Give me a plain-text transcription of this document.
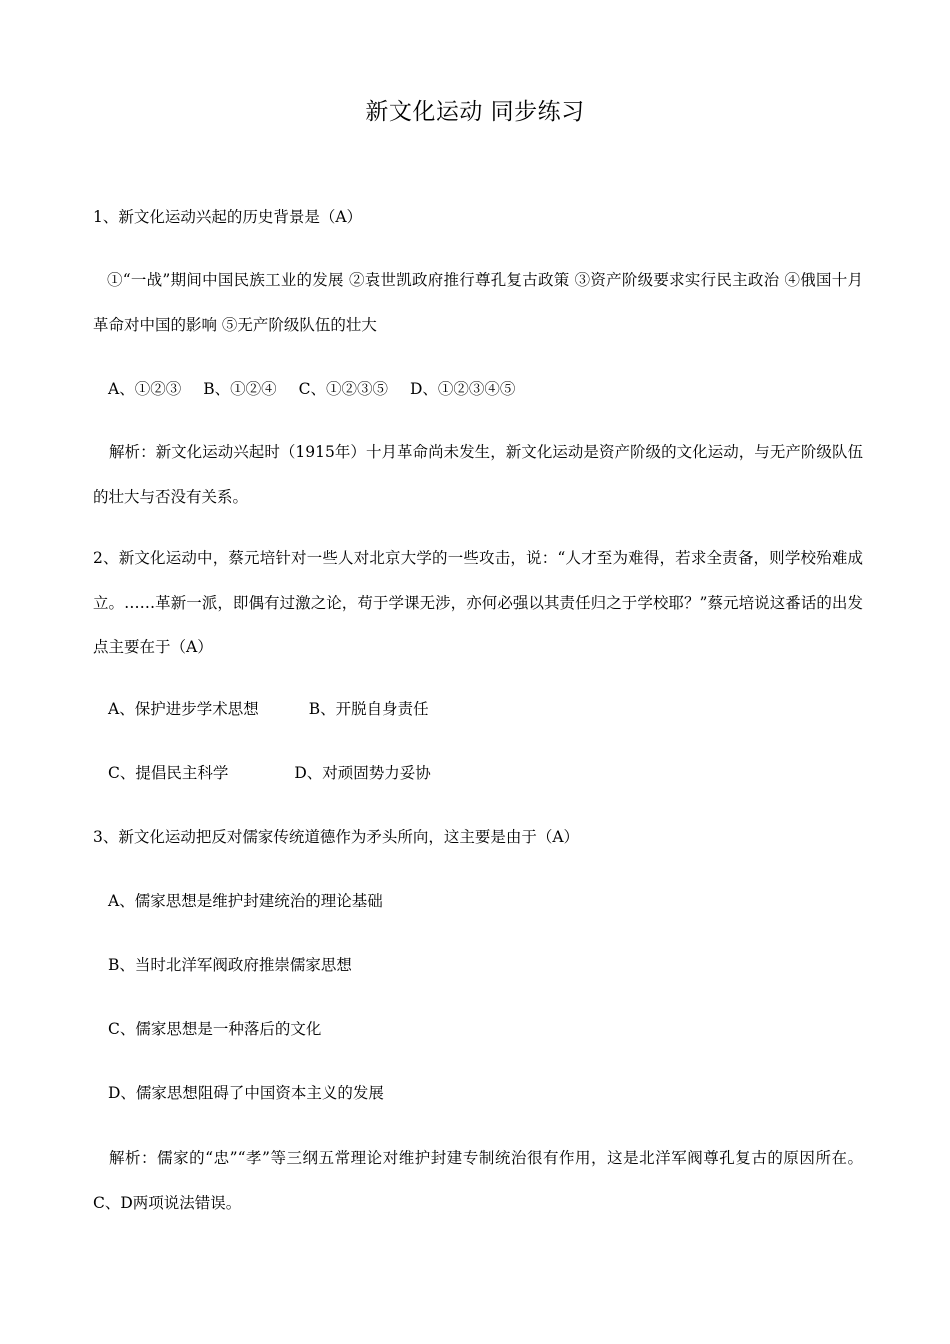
新文化运动 同步练习
1、新文化运动兴起的历史背景是（A）
①“一战”期间中国民族工业的发展 ②袁世凯政府推行尊孔复古政策 ③资产阶级要求实行民主政治 ④俄国十月革命对中国的影响 ⑤无产阶级队伍的壮大
A、①②③ B、①②④ C、①②③⑤ D、①②③④⑤
解析：新文化运动兴起时（1915年）十月革命尚未发生，新文化运动是资产阶级的文化运动，与无产阶级队伍的壮大与否没有关系。
2、新文化运动中，蔡元培针对一些人对北京大学的一些攻击，说：“人才至为难得，若求全责备，则学校殆难成立。……革新一派，即偶有过激之论，苟于学课无涉，亦何必强以其责任归之于学校耶？”蔡元培说这番话的出发点主要在于（A）
A、保护进步学术思想	B、开脱自身责任
C、提倡民主科学	D、对顽固势力妥协
3、新文化运动把反对儒家传统道德作为矛头所向，这主要是由于（A）
A、儒家思想是维护封建统治的理论基础
B、当时北洋军阀政府推崇儒家思想
C、儒家思想是一种落后的文化
D、儒家思想阻碍了中国资本主义的发展
解析：儒家的“忠”“孝”等三纲五常理论对维护封建专制统治很有作用，这是北洋军阀尊孔复古的原因所在。C、D两项说法错误。
